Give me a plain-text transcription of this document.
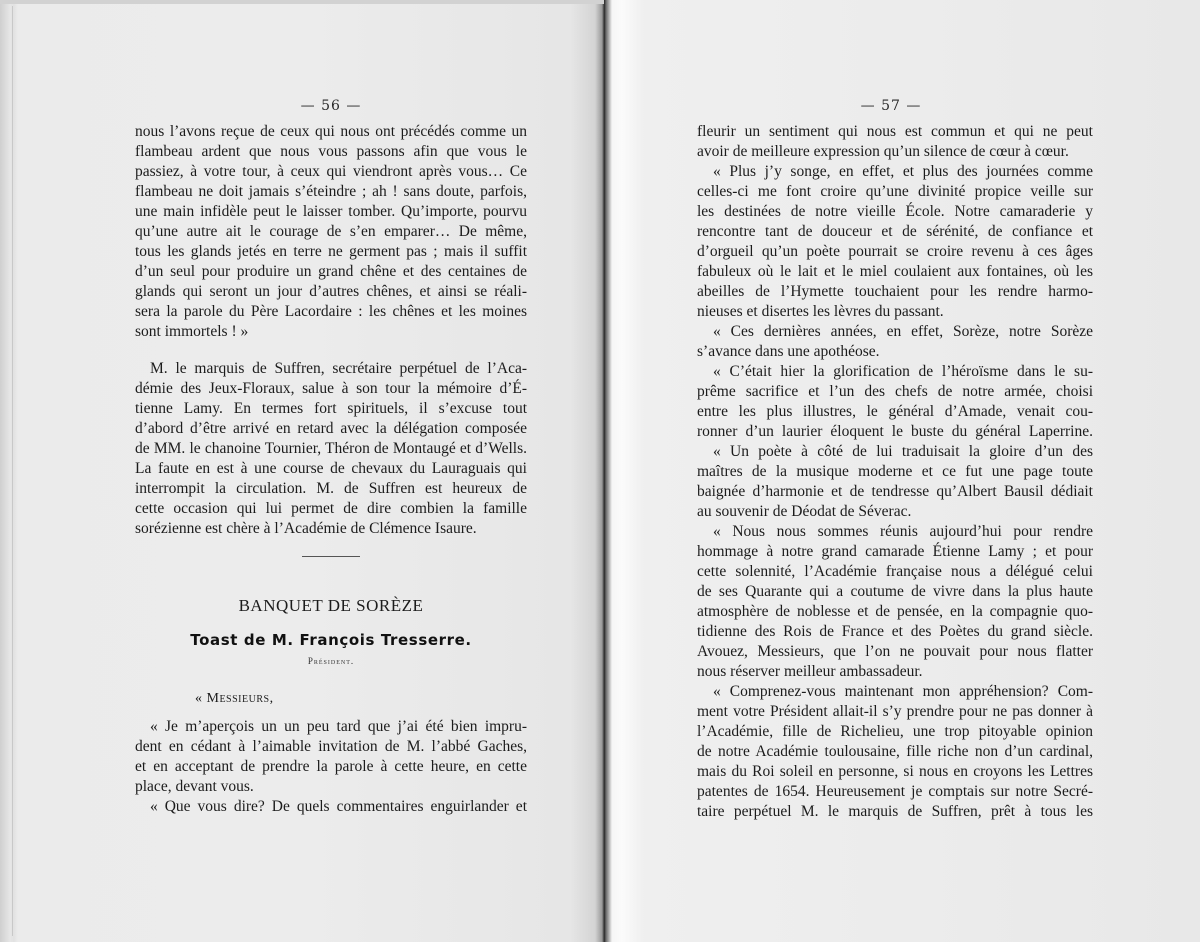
— 56 —
nous l’avons reçue de ceux qui nous ont précédés comme un
flambeau ardent que nous vous passons afin que vous le
passiez, à votre tour, à ceux qui viendront après vous… Ce
flambeau ne doit jamais s’éteindre ; ah ! sans doute, parfois,
une main infidèle peut le laisser tomber. Qu’importe, pourvu
qu’une autre ait le courage de s’en emparer… De même,
tous les glands jetés en terre ne germent pas ; mais il suffit
d’un seul pour produire un grand chêne et des centaines de
glands qui seront un jour d’autres chênes, et ainsi se réali-
sera la parole du Père Lacordaire : les chênes et les moines
sont immortels ! »
M. le marquis de Suffren, secrétaire perpétuel de l’Aca-
démie des Jeux-Floraux, salue à son tour la mémoire d’É-
tienne Lamy. En termes fort spirituels, il s’excuse tout
d’abord d’être arrivé en retard avec la délégation composée
de MM. le chanoine Tournier, Théron de Montaugé et d’Wells.
La faute en est à une course de chevaux du Lauraguais qui
interrompit la circulation. M. de Suffren est heureux de
cette occasion qui lui permet de dire combien la famille
sorézienne est chère à l’Académie de Clémence Isaure.
BANQUET DE SORÈZE
Toast de M. François Tresserre.
Président.
« Messieurs,
« Je m’aperçois un un peu tard que j’ai été bien impru-
dent en cédant à l’aimable invitation de M. l’abbé Gaches,
et en acceptant de prendre la parole à cette heure, en cette
place, devant vous.
« Que vous dire? De quels commentaires enguirlander et
— 57 —
fleurir un sentiment qui nous est commun et qui ne peut
avoir de meilleure expression qu’un silence de cœur à cœur.
« Plus j’y songe, en effet, et plus des journées comme
celles-ci me font croire qu’une divinité propice veille sur
les destinées de notre vieille École. Notre camaraderie y
rencontre tant de douceur et de sérénité, de confiance et
d’orgueil qu’un poète pourrait se croire revenu à ces âges
fabuleux où le lait et le miel coulaient aux fontaines, où les
abeilles de l’Hymette touchaient pour les rendre harmo-
nieuses et disertes les lèvres du passant.
« Ces dernières années, en effet, Sorèze, notre Sorèze
s’avance dans une apothéose.
« C’était hier la glorification de l’héroïsme dans le su-
prême sacrifice et l’un des chefs de notre armée, choisi
entre les plus illustres, le général d’Amade, venait cou-
ronner d’un laurier éloquent le buste du général Laperrine.
« Un poète à côté de lui traduisait la gloire d’un des
maîtres de la musique moderne et ce fut une page toute
baignée d’harmonie et de tendresse qu’Albert Bausil dédiait
au souvenir de Déodat de Séverac.
« Nous nous sommes réunis aujourd’hui pour rendre
hommage à notre grand camarade Étienne Lamy ; et pour
cette solennité, l’Académie française nous a délégué celui
de ses Quarante qui a coutume de vivre dans la plus haute
atmosphère de noblesse et de pensée, en la compagnie quo-
tidienne des Rois de France et des Poètes du grand siècle.
Avouez, Messieurs, que l’on ne pouvait pour nous flatter
nous réserver meilleur ambassadeur.
« Comprenez-vous maintenant mon appréhension? Com-
ment votre Président allait-il s’y prendre pour ne pas donner à
l’Académie, fille de Richelieu, une trop pitoyable opinion
de notre Académie toulousaine, fille riche non d’un cardinal,
mais du Roi soleil en personne, si nous en croyons les Lettres
patentes de 1654. Heureusement je comptais sur notre Secré-
taire perpétuel M. le marquis de Suffren, prêt à tous les
